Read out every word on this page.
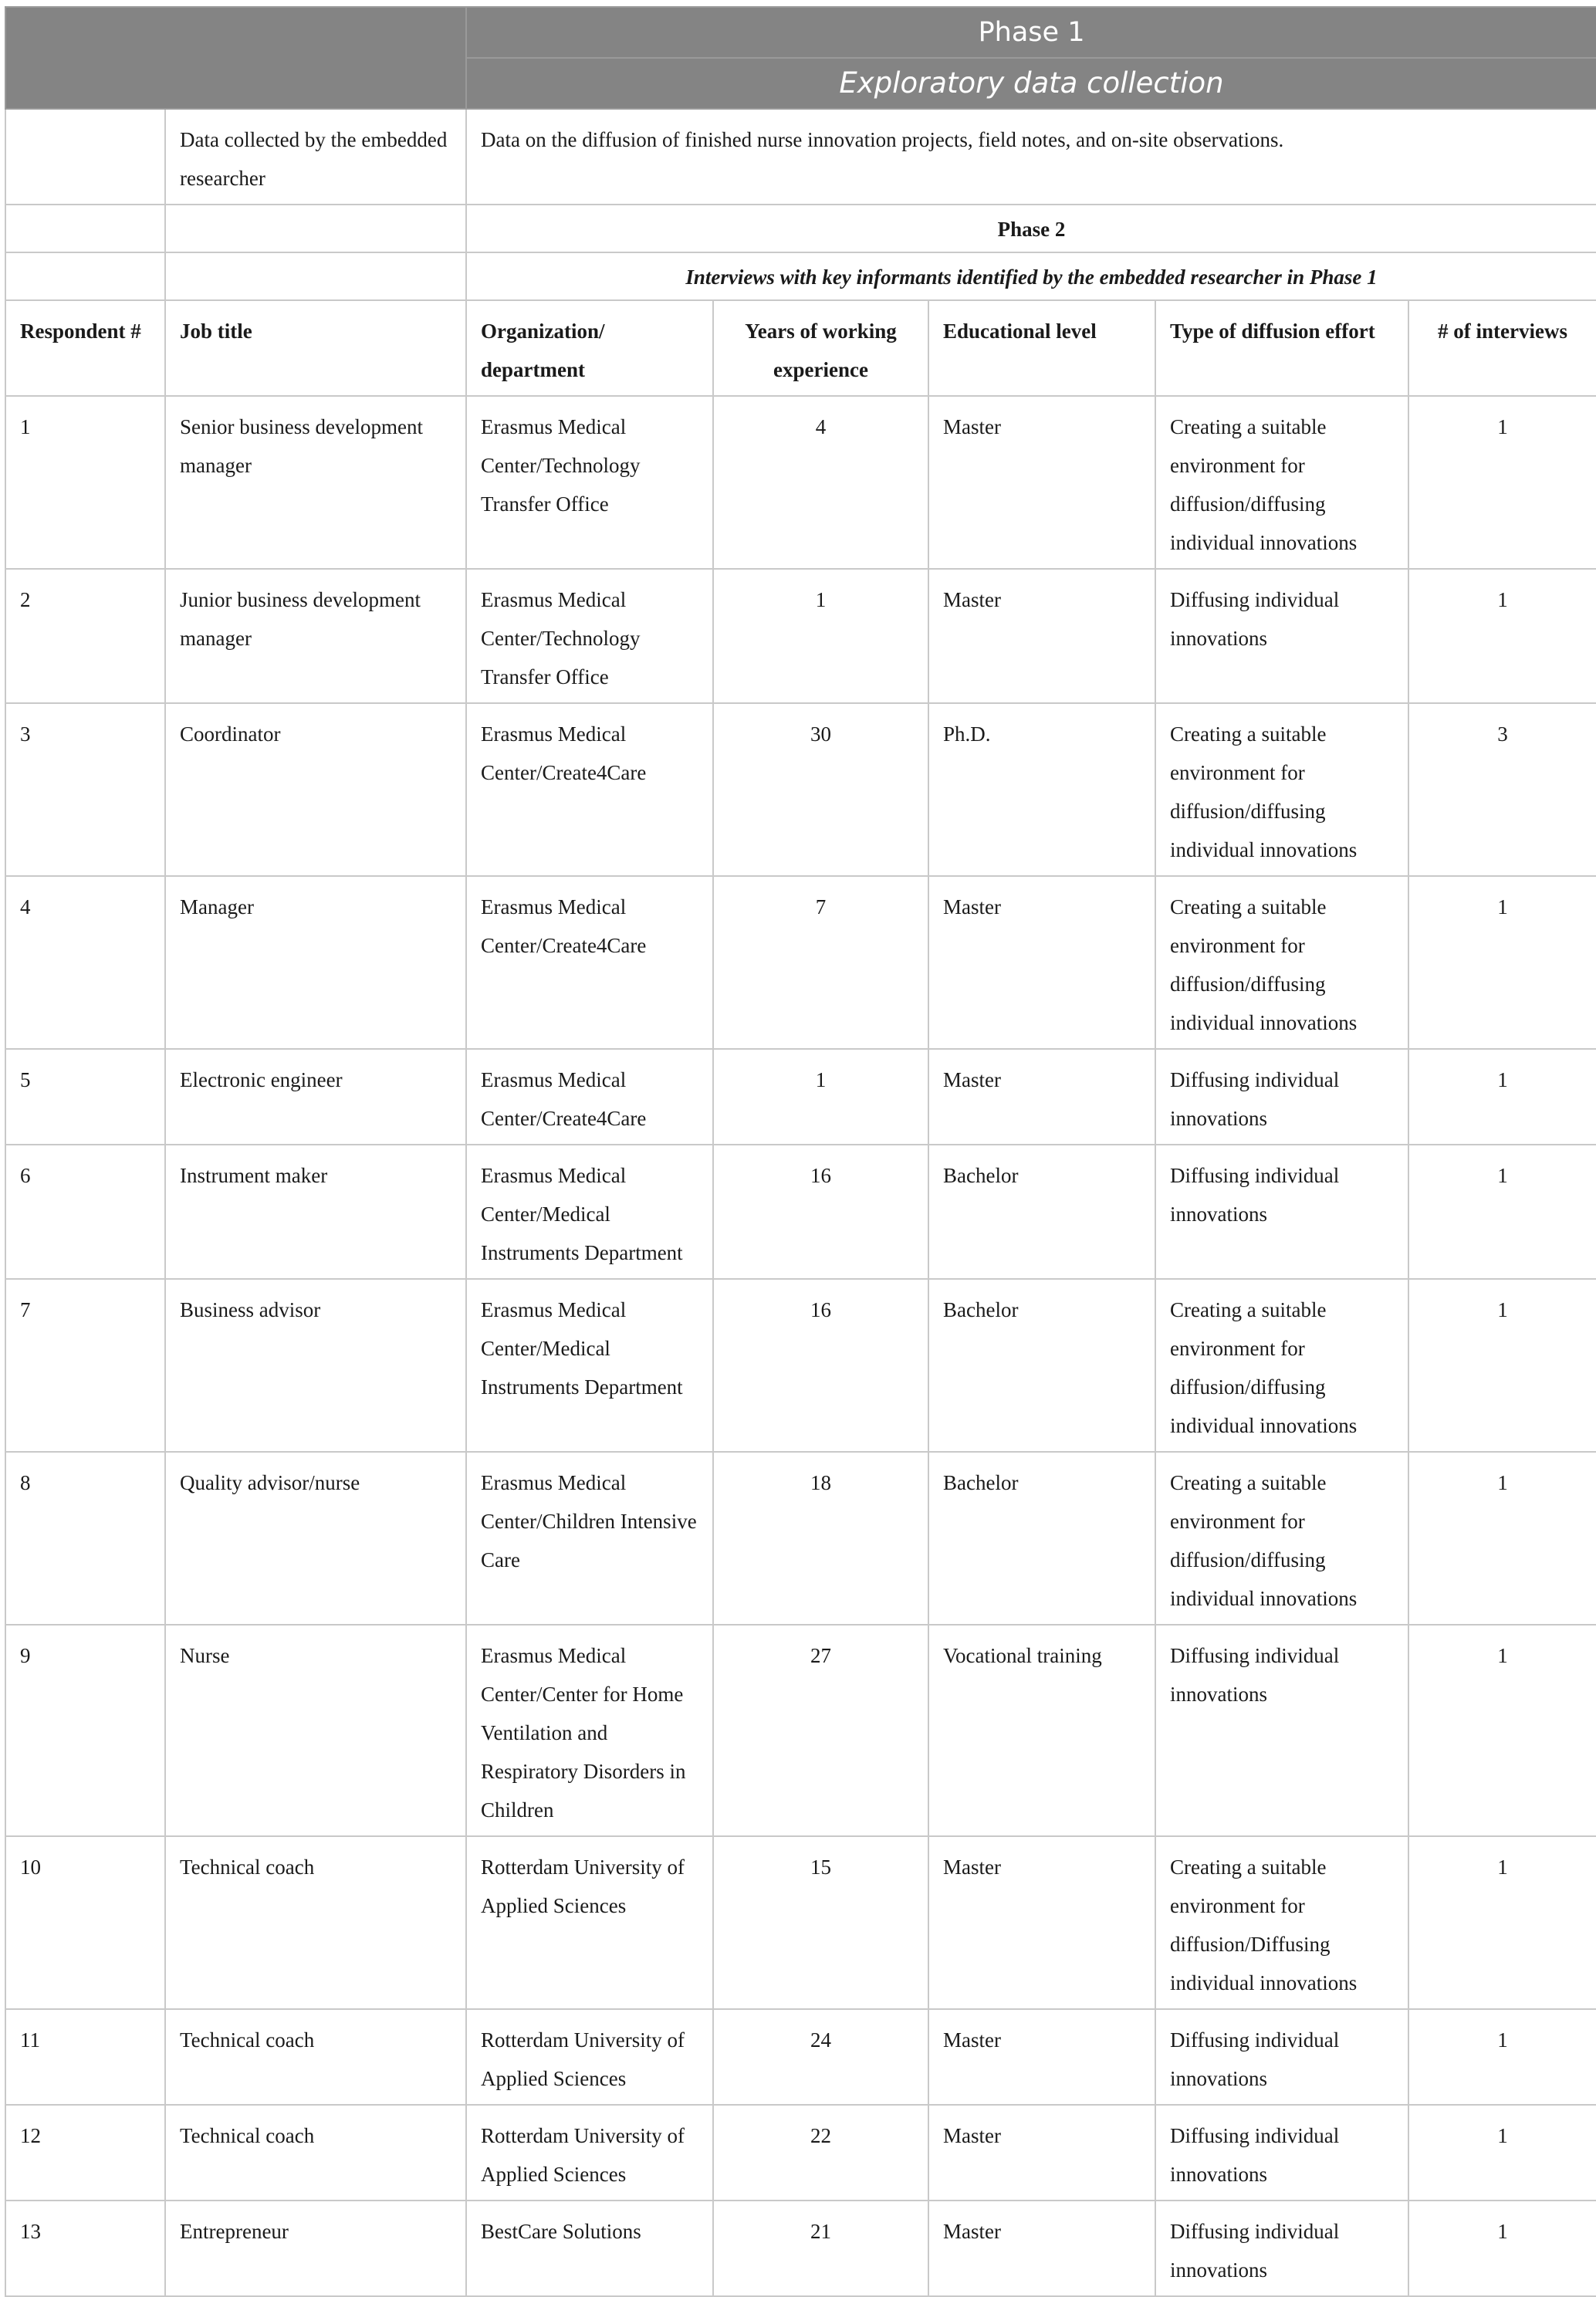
		Phase 1				
		Exploratory data collection				
	Data collected by the embedded researcher	Data on the diffusion of finished nurse innovation projects, field notes, and on-site observations.				
		Phase 2				
		Interviews with key informants identified by the embedded researcher in Phase 1				
Respondent #	Job title	Organization/ department	Years of working experience	Educational level	Type of diffusion effort	# of interviews
1	Senior business development manager	Erasmus Medical Center/Technology Transfer Office	4	Master	Creating a suitable environment for diffusion/diffusing individual innovations	1
2	Junior business development manager	Erasmus Medical Center/Technology Transfer Office	1	Master	Diffusing individual innovations	1
3	Coordinator	Erasmus Medical Center/Create4Care	30	Ph.D.	Creating a suitable environment for diffusion/diffusing individual innovations	3
4	Manager	Erasmus Medical Center/Create4Care	7	Master	Creating a suitable environment for diffusion/diffusing individual innovations	1
5	Electronic engineer	Erasmus Medical Center/Create4Care	1	Master	Diffusing individual innovations	1
6	Instrument maker	Erasmus Medical Center/Medical Instruments Department	16	Bachelor	Diffusing individual innovations	1
7	Business advisor	Erasmus Medical Center/Medical Instruments Department	16	Bachelor	Creating a suitable environment for diffusion/diffusing individual innovations	1
8	Quality advisor/nurse	Erasmus Medical Center/Children Intensive Care	18	Bachelor	Creating a suitable environment for diffusion/diffusing individual innovations	1
9	Nurse	Erasmus Medical Center/Center for Home Ventilation and Respiratory Disorders in Children	27	Vocational training	Diffusing individual innovations	1
10	Technical coach	Rotterdam University of Applied Sciences	15	Master	Creating a suitable environment for diffusion/Diffusing individual innovations	1
11	Technical coach	Rotterdam University of Applied Sciences	24	Master	Diffusing individual innovations	1
12	Technical coach	Rotterdam University of Applied Sciences	22	Master	Diffusing individual innovations	1
13	Entrepreneur	BestCare Solutions	21	Master	Diffusing individual innovations	1
